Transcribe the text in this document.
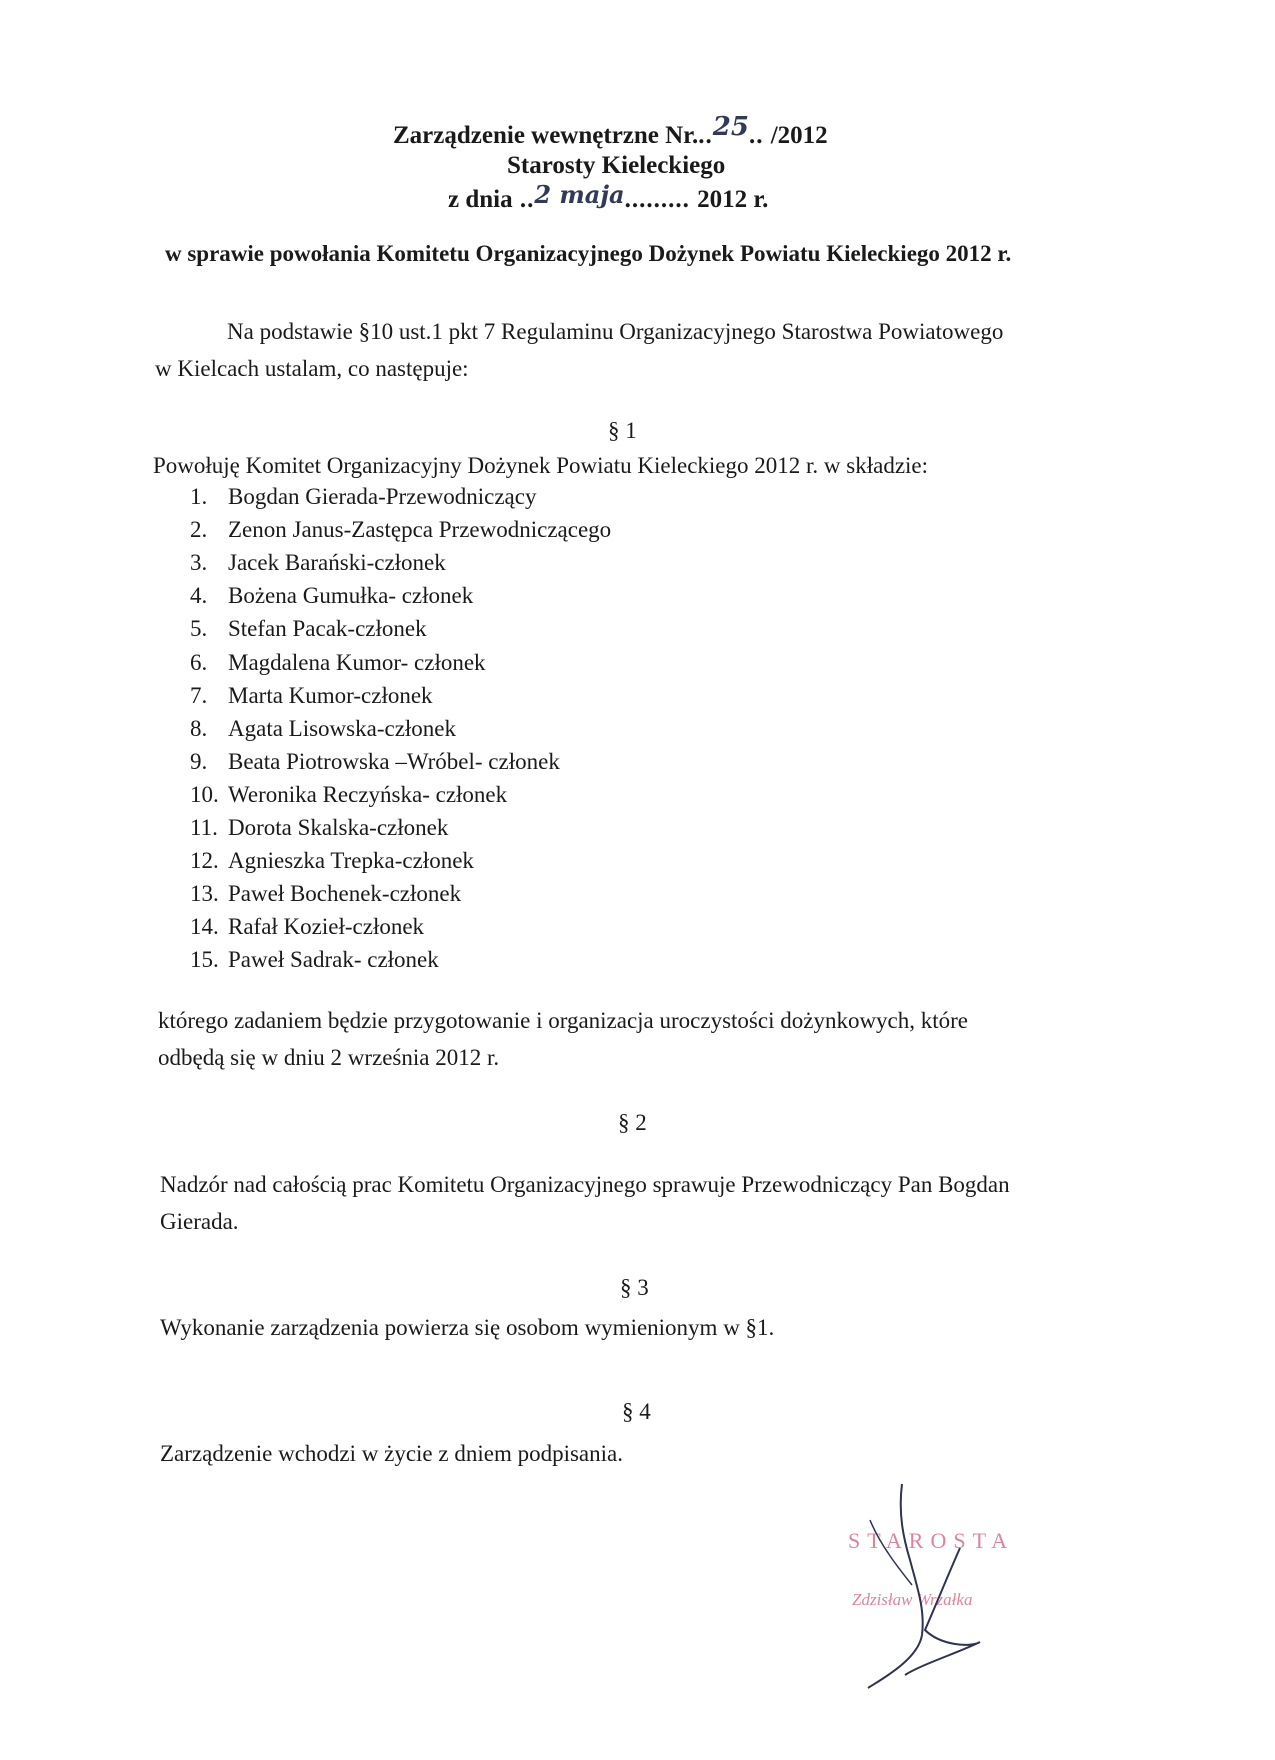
Zarządzenie wewnętrzne Nr...25.. /2012
Starosty Kieleckiego
z dnia ..2 maja......... 2012 r.
w sprawie powołania Komitetu Organizacyjnego Dożynek Powiatu Kieleckiego 2012 r.
Na podstawie §10 ust.1 pkt 7 Regulaminu Organizacyjnego Starostwa Powiatowego
w Kielcach ustalam, co następuje:
§ 1
Powołuję Komitet Organizacyjny Dożynek Powiatu Kieleckiego 2012 r. w składzie:
1. Bogdan Gierada-Przewodniczący
2. Zenon Janus-Zastępca Przewodniczącego
3. Jacek Barański-członek
4. Bożena Gumułka- członek
5. Stefan Pacak-członek
6. Magdalena Kumor- członek
7. Marta Kumor-członek
8. Agata Lisowska-członek
9. Beata Piotrowska –Wróbel- członek
10. Weronika Reczyńska- członek
11. Dorota Skalska-członek
12. Agnieszka Trepka-członek
13. Paweł Bochenek-członek
14. Rafał Kozieł-członek
15. Paweł Sadrak- członek
którego zadaniem będzie przygotowanie i organizacja uroczystości dożynkowych, które
odbędą się w dniu 2 września 2012 r.
§ 2
Nadzór nad całością prac Komitetu Organizacyjnego sprawuje Przewodniczący Pan Bogdan
Gierada.
§ 3
Wykonanie zarządzenia powierza się osobom wymienionym w §1.
§ 4
Zarządzenie wchodzi w życie z dniem podpisania.
STAROSTA
Zdzisław Wrzałka
